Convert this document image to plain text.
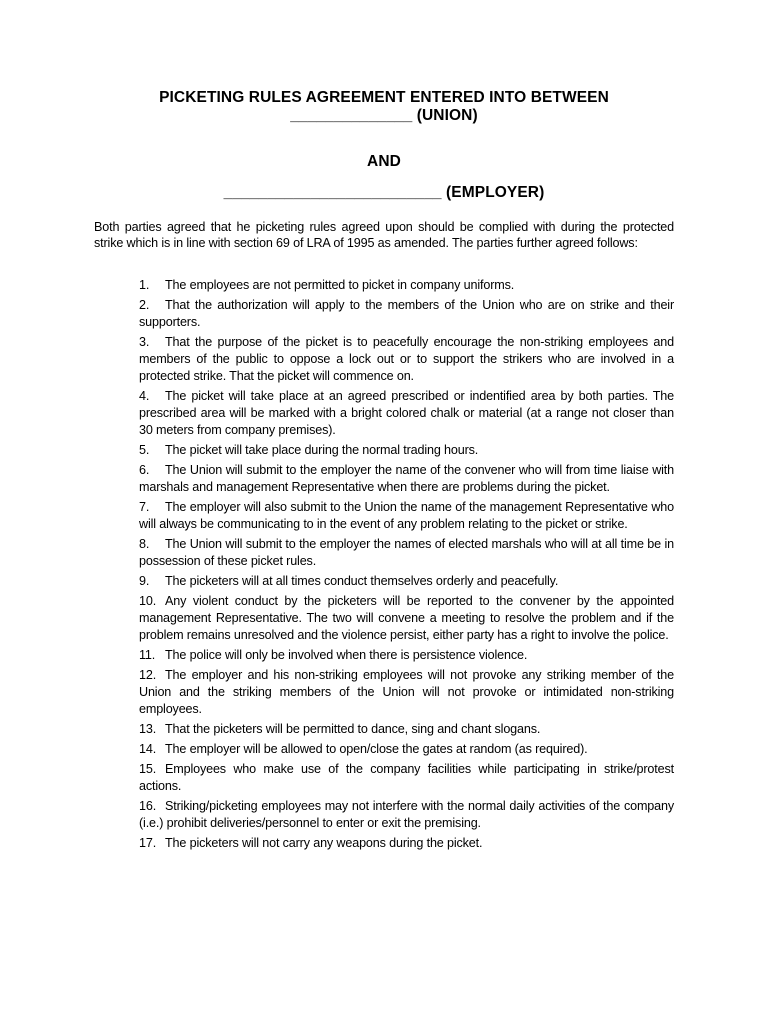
PICKETING RULES AGREEMENT ENTERED INTO BETWEEN
______________ (UNION)
AND
_________________________ (EMPLOYER)
Both parties agreed that he picketing rules agreed upon should be complied with during the protected strike which is in line with section 69 of LRA of 1995 as amended. The parties further agreed follows:
1. The employees are not permitted to picket in company uniforms.
2. That the authorization will apply to the members of the Union who are on strike and their supporters.
3. That the purpose of the picket is to peacefully encourage the non-striking employees and members of the public to oppose a lock out or to support the strikers who are involved in a protected strike. That the picket will commence on.
4. The picket will take place at an agreed prescribed or indentified area by both parties. The prescribed area will be marked with a bright colored chalk or material (at a range not closer than 30 meters from company premises).
5. The picket will take place during the normal trading hours.
6. The Union will submit to the employer the name of the convener who will from time liaise with marshals and management Representative when there are problems during the picket.
7. The employer will also submit to the Union the name of the management Representative who will always be communicating to in the event of any problem relating to the picket or strike.
8. The Union will submit to the employer the names of elected marshals who will at all time be in possession of these picket rules.
9. The picketers will at all times conduct themselves orderly and peacefully.
10. Any violent conduct by the picketers will be reported to the convener by the appointed management Representative. The two will convene a meeting to resolve the problem and if the problem remains unresolved and the violence persist, either party has a right to involve the police.
11. The police will only be involved when there is persistence violence.
12. The employer and his non-striking employees will not provoke any striking member of the Union and the striking members of the Union will not provoke or intimidated non-striking employees.
13. That the picketers will be permitted to dance, sing and chant slogans.
14. The employer will be allowed to open/close the gates at random (as required).
15. Employees who make use of the company facilities while participating in strike/protest actions.
16. Striking/picketing employees may not interfere with the normal daily activities of the company (i.e.) prohibit deliveries/personnel to enter or exit the premising.
17. The picketers will not carry any weapons during the picket.
